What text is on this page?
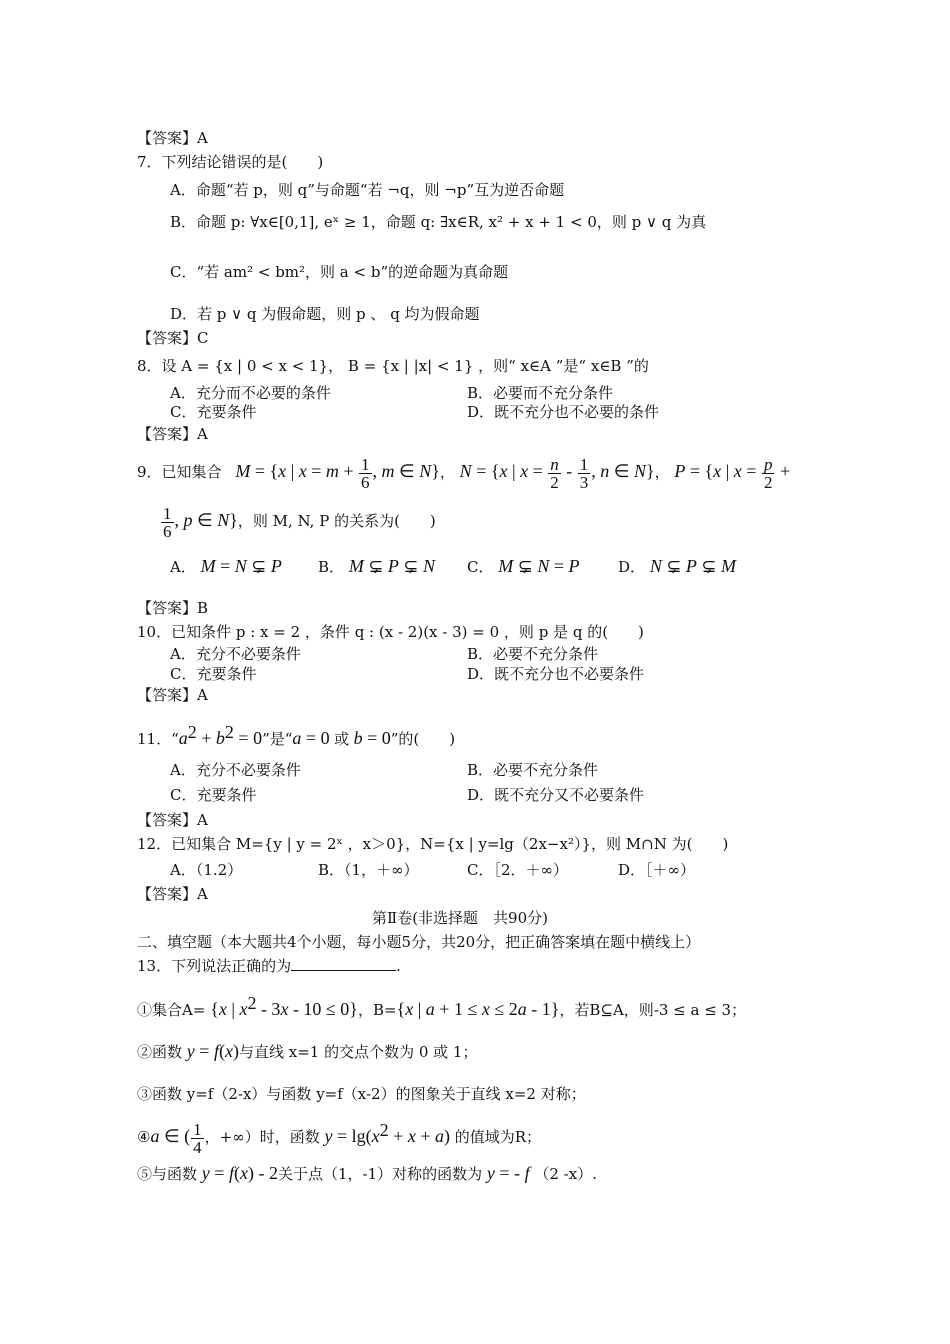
【答案】A
7．下列结论错误的是(　　)
A．命题“若 p，则 q”与命题“若 ¬q，则 ¬p”互为逆否命题
B．命题 p: ∀x∈[0,1], eˣ ≥ 1，命题 q: ∃x∈R, x² + x + 1 < 0，则 p ∨ q 为真
C．“若 am² < bm²，则 a < b”的逆命题为真命题
D．若 p ∨ q 为假命题，则 p 、 q 均为假命题
【答案】C
8．设 A = {x | 0 < x < 1}， B = {x | |x| < 1} ，则“ x∈A ”是“ x∈B ”的
A．充分而不必要的条件	B．必要而不充分条件
C．充要条件	D．既不充分也不必要的条件
【答案】A
9．已知集合   M = {x | $x = m + \frac{1}{6}$ , m ∈ N}， N = {x | $x = \frac{n}{2} - \frac{1}{3}$ , n ∈ N}， P = {x | $x = \frac{p}{2}$ +
$\frac{1}{6}$ , p ∈ N}，则 M, N, P 的关系为(　　)
A． M = N ⊊ P B． M ⊊ P ⊊ N C． M ⊊ N = P	D． N ⊊ P ⊊ M
【答案】B
10．已知条件 p : x = 2 ，条件 q : (x - 2)(x - 3) = 0 ，则 p 是 q 的(　　)
A．充分不必要条件	B．必要不充分条件
C．充要条件	D．既不充分也不必要条件
【答案】A
11．“$a^2 + b^2 = 0$”是“a = 0 或 b = 0”的(　　)
A．充分不必要条件	B．必要不充分条件
C．充要条件	D．既不充分又不必要条件
【答案】A
12．已知集合 M={y | y = 2ˣ ，x＞0}，N={x | y=lg（2x−x²）}，则 M∩N 为(　　)
A．（1.2）	B．（1，＋∞）	C．［2．＋∞）	D．［＋∞）
【答案】A
第Ⅱ卷(非选择题　共90分)
二、填空题（本大题共4个小题，每小题5分，共20分，把正确答案填在题中横线上）
13．下列说法正确的为	.
①集合A= {x | $x^2 - 3x - 10 \le 0$}，B={x | a + 1 ≤ x ≤ 2a - 1}，若B⊆A，则-3 ≤ a ≤ 3；
②函数 y = f(x)与直线 x=1 的交点个数为 0 或 1；
③函数 y=f（2-x）与函数 y=f（x-2）的图象关于直线 x=2 对称；
④a ∈ ( $\frac{1}{4}$ ，+∞）时，函数 $y = \lg(x^2 + x + a)$ 的值域为R；
⑤与函数 y = f(x) - 2关于点（1，-1）对称的函数为 y = - f （2 -x）.
